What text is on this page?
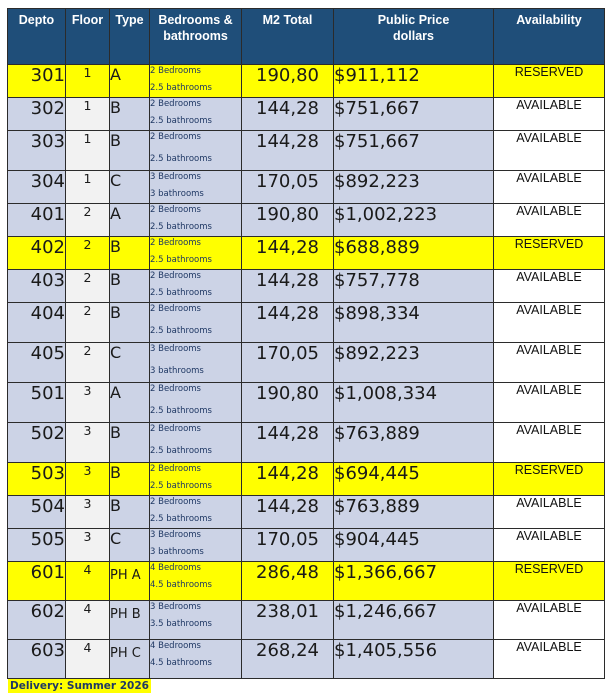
Depto	Floor	Type	Bedrooms &
bathrooms	M2 Total	Public Price
dollars	Availability
301	1	A	2 Bedrooms
2.5 bathrooms	190,80	$911,112	RESERVED
302	1	B	2 Bedrooms
2.5 bathrooms	144,28	$751,667	AVAILABLE
303	1	B	2 Bedrooms
2.5 bathrooms	144,28	$751,667	AVAILABLE
304	1	C	3 Bedrooms
3 bathrooms	170,05	$892,223	AVAILABLE
401	2	A	2 Bedrooms
2.5 bathrooms	190,80	$1,002,223	AVAILABLE
402	2	B	2 Bedrooms
2.5 bathrooms	144,28	$688,889	RESERVED
403	2	B	2 Bedrooms
2.5 bathrooms	144,28	$757,778	AVAILABLE
404	2	B	2 Bedrooms
2.5 bathrooms	144,28	$898,334	AVAILABLE
405	2	C	3 Bedrooms
3 bathrooms	170,05	$892,223	AVAILABLE
501	3	A	2 Bedrooms
2.5 bathrooms	190,80	$1,008,334	AVAILABLE
502	3	B	2 Bedrooms
2.5 bathrooms	144,28	$763,889	AVAILABLE
503	3	B	2 Bedrooms
2.5 bathrooms	144,28	$694,445	RESERVED
504	3	B	2 Bedrooms
2.5 bathrooms	144,28	$763,889	AVAILABLE
505	3	C	3 Bedrooms
3 bathrooms	170,05	$904,445	AVAILABLE
601	4	PH A	4 Bedrooms
4.5 bathrooms	286,48	$1,366,667	RESERVED
602	4	PH B	3 Bedrooms
3.5 bathrooms	238,01	$1,246,667	AVAILABLE
603	4	PH C	4 Bedrooms
4.5 bathrooms	268,24	$1,405,556	AVAILABLE
Delivery: Summer 2026
